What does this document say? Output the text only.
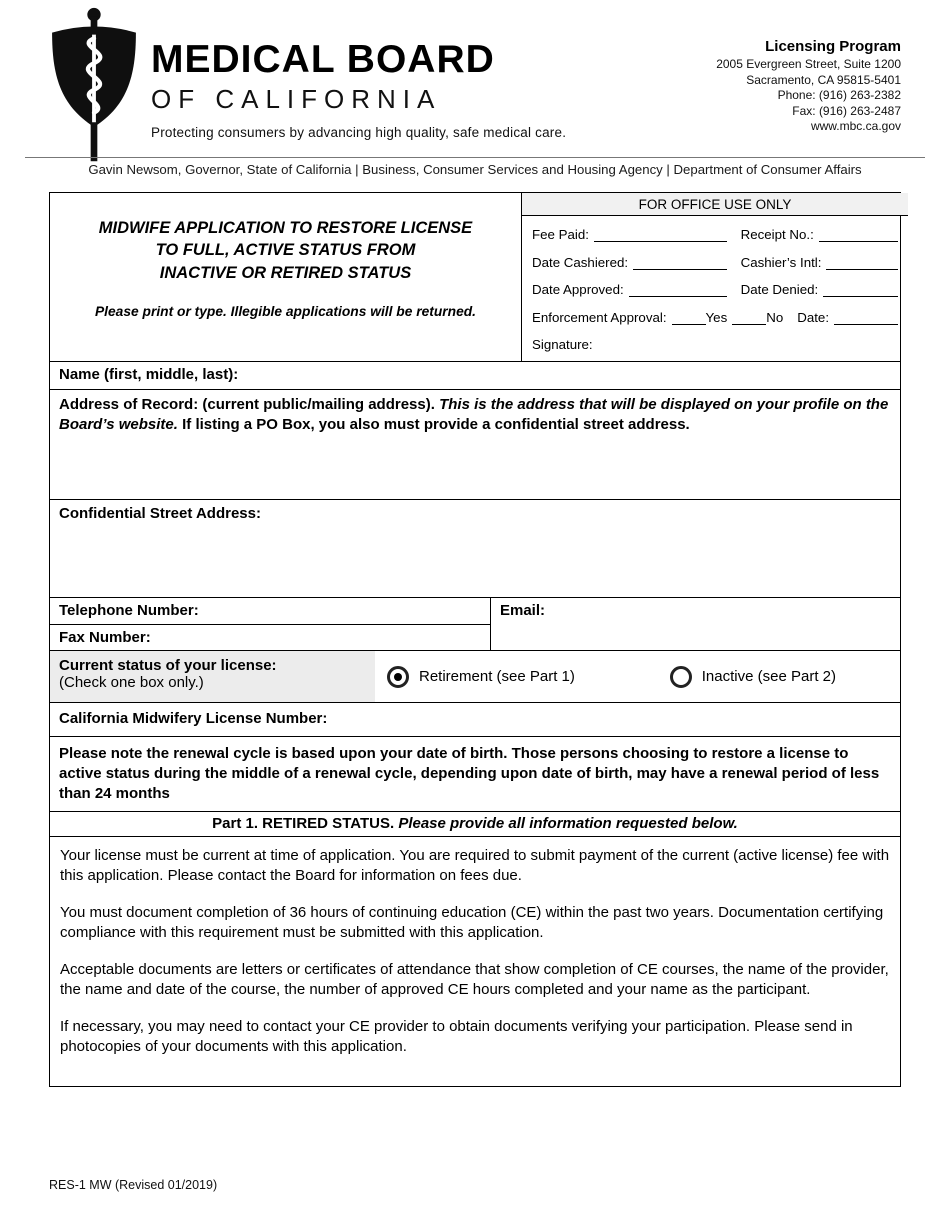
MEDICAL BOARD
OF CALIFORNIA
Protecting consumers by advancing high quality, safe medical care.
Licensing Program
2005 Evergreen Street, Suite 1200
Sacramento, CA 95815-5401
Phone: (916) 263-2382
Fax: (916) 263-2487
www.mbc.ca.gov
Gavin Newsom, Governor, State of California | Business, Consumer Services and Housing Agency | Department of Consumer Affairs
MIDWIFE APPLICATION TO RESTORE LICENSE
TO FULL, ACTIVE STATUS FROM
INACTIVE OR RETIRED STATUS
Please print or type. Illegible applications will be returned.
FOR OFFICE USE ONLY
Fee Paid:	Receipt No.:
Date Cashiered:	Cashier’s Intl:
Date Approved:	Date Denied:
Enforcement Approval:	Yes	No Date:
Signature:
Name (first, middle, last):
Address of Record: (current public/mailing address). This is the address that will be displayed on your profile on the Board’s website. If listing a PO Box, you also must provide a confidential street address.
Confidential Street Address:
Telephone Number:
Fax Number:
Email:
Current status of your license:
(Check one box only.)	Retirement (see Part 1)	Inactive (see Part 2)
California Midwifery License Number:
Please note the renewal cycle is based upon your date of birth. Those persons choosing to restore a license to active status during the middle of a renewal cycle, depending upon date of birth, may have a renewal period of less than 24 months
Part 1. RETIRED STATUS. Please provide all information requested below.

Your license must be current at time of application. You are required to submit payment of the current (active license) fee with this application. Please contact the Board for information on fees due.

You must document completion of 36 hours of continuing education (CE) within the past two years. Documentation certifying compliance with this requirement must be submitted with this application.

Acceptable documents are letters or certificates of attendance that show completion of CE courses, the name of the provider, the name and date of the course, the number of approved CE hours completed and your name as the participant.

If necessary, you may need to contact your CE provider to obtain documents verifying your participation. Please send in photocopies of your documents with this application.

RES-1 MW (Revised 01/2019)
